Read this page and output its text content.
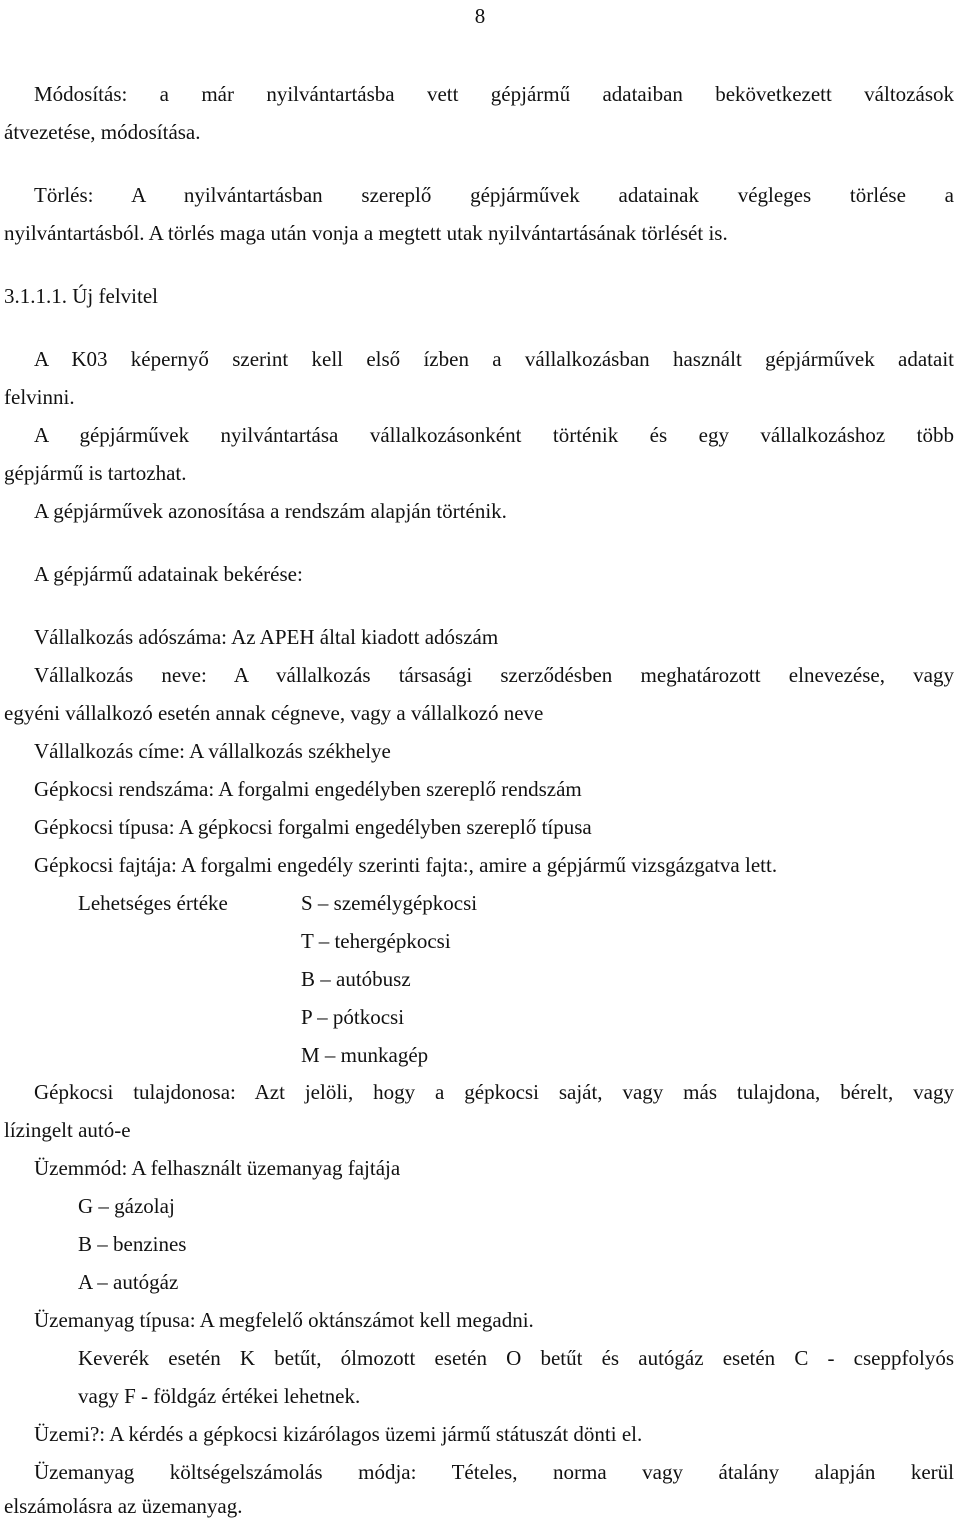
8
Módosítás: a már nyilvántartásba vett gépjármű adataiban bekövetkezett változások
átvezetése, módosítása.
Törlés: A nyilvántartásban szereplő gépjárművek adatainak végleges törlése a
nyilvántartásból. A törlés maga után vonja a megtett utak nyilvántartásának törlését is.
3.1.1.1. Új felvitel
A K03 képernyő szerint kell első ízben a vállalkozásban használt gépjárművek adatait
felvinni.
A gépjárművek nyilvántartása vállalkozásonként történik és egy vállalkozáshoz több
gépjármű is tartozhat.
A gépjárművek azonosítása a rendszám alapján történik.
A gépjármű adatainak bekérése:
Vállalkozás adószáma: Az APEH által kiadott adószám
Vállalkozás neve: A vállalkozás társasági szerződésben meghatározott elnevezése, vagy
egyéni vállalkozó esetén annak cégneve, vagy a vállalkozó neve
Vállalkozás címe: A vállalkozás székhelye
Gépkocsi rendszáma: A forgalmi engedélyben szereplő rendszám
Gépkocsi típusa: A gépkocsi forgalmi engedélyben szereplő típusa
Gépkocsi fajtája: A forgalmi engedély szerinti fajta:, amire a gépjármű vizsgázgatva lett.
Lehetséges értéke	S – személygépkocsi
T – tehergépkocsi
B – autóbusz
P – pótkocsi
M – munkagép
Gépkocsi tulajdonosa: Azt jelöli, hogy a gépkocsi saját, vagy más tulajdona, bérelt, vagy
lízingelt autó-e
Üzemmód: A felhasznált üzemanyag fajtája
G – gázolaj
B – benzines
A – autógáz
Üzemanyag típusa: A megfelelő oktánszámot kell megadni.
Keverék esetén K betűt, ólmozott esetén O betűt és autógáz esetén C - cseppfolyós
vagy F - földgáz értékei lehetnek.
Üzemi?: A kérdés a gépkocsi kizárólagos üzemi jármű státuszát dönti el.
Üzemanyag költségelszámolás módja: Tételes, norma vagy átalány alapján kerül
elszámolásra az üzemanyag.
